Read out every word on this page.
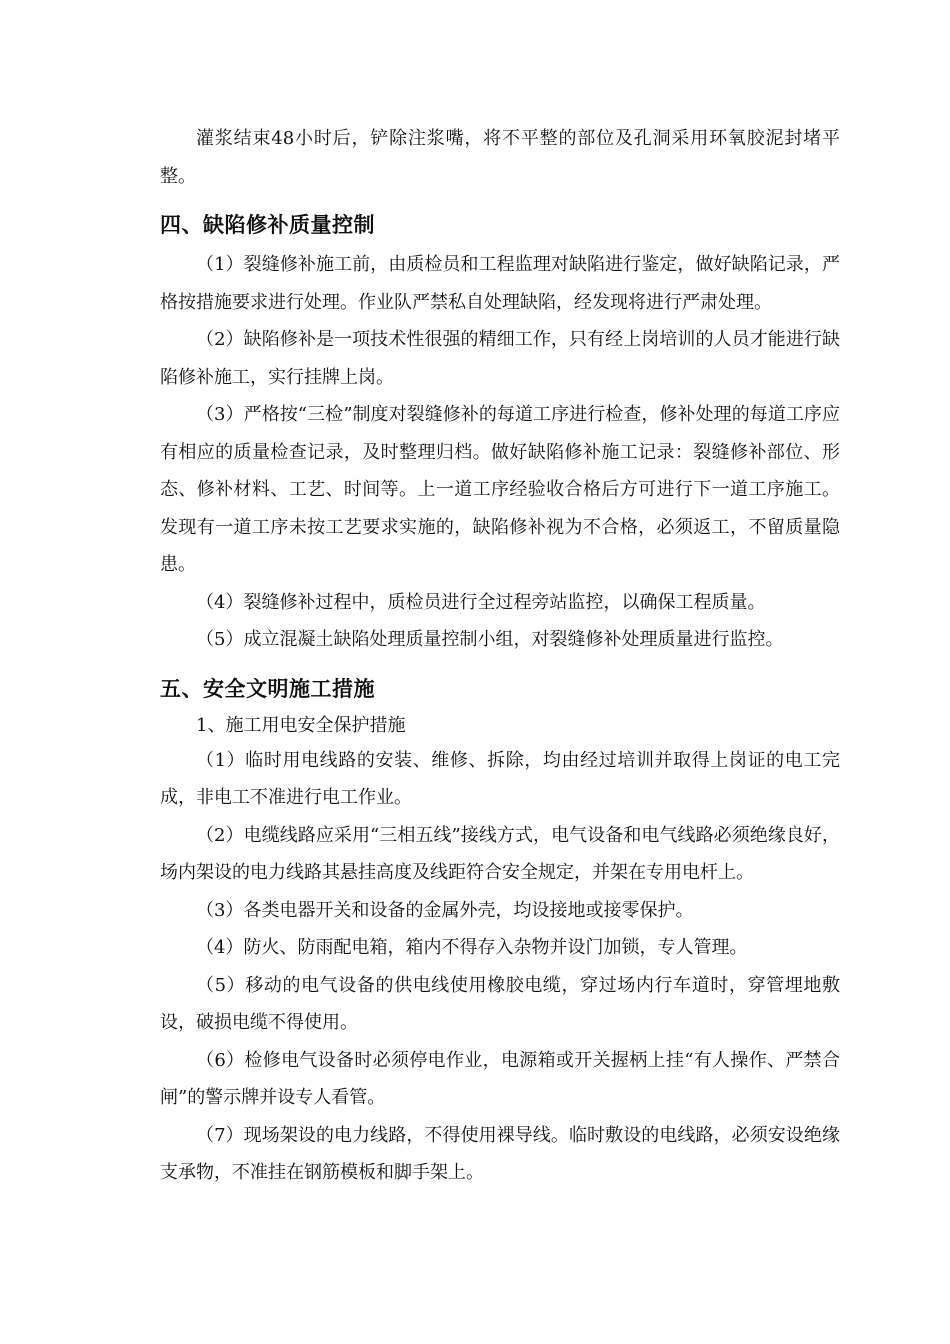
灌浆结束48小时后，铲除注浆嘴，将不平整的部位及孔洞采用环氧胶泥封堵平整。

四、缺陷修补质量控制

（1）裂缝修补施工前，由质检员和工程监理对缺陷进行鉴定，做好缺陷记录，严格按措施要求进行处理。作业队严禁私自处理缺陷，经发现将进行严肃处理。

（2）缺陷修补是一项技术性很强的精细工作，只有经上岗培训的人员才能进行缺陷修补施工，实行挂牌上岗。

（3）严格按“三检”制度对裂缝修补的每道工序进行检查，修补处理的每道工序应有相应的质量检查记录，及时整理归档。做好缺陷修补施工记录：裂缝修补部位、形态、修补材料、工艺、时间等。上一道工序经验收合格后方可进行下一道工序施工。发现有一道工序未按工艺要求实施的，缺陷修补视为不合格，必须返工，不留质量隐患。

（4）裂缝修补过程中，质检员进行全过程旁站监控，以确保工程质量。

（5）成立混凝土缺陷处理质量控制小组，对裂缝修补处理质量进行监控。

五、安全文明施工措施

1、施工用电安全保护措施

（1）临时用电线路的安装、维修、拆除，均由经过培训并取得上岗证的电工完成，非电工不准进行电工作业。

（2）电缆线路应采用“三相五线”接线方式，电气设备和电气线路必须绝缘良好，场内架设的电力线路其悬挂高度及线距符合安全规定，并架在专用电杆上。

（3）各类电器开关和设备的金属外壳，均设接地或接零保护。

（4）防火、防雨配电箱，箱内不得存入杂物并设门加锁，专人管理。

（5）移动的电气设备的供电线使用橡胶电缆，穿过场内行车道时，穿管埋地敷设，破损电缆不得使用。

（6）检修电气设备时必须停电作业，电源箱或开关握柄上挂“有人操作、严禁合闸”的警示牌并设专人看管。

（7）现场架设的电力线路，不得使用裸导线。临时敷设的电线路，必须安设绝缘支承物，不准挂在钢筋模板和脚手架上。
